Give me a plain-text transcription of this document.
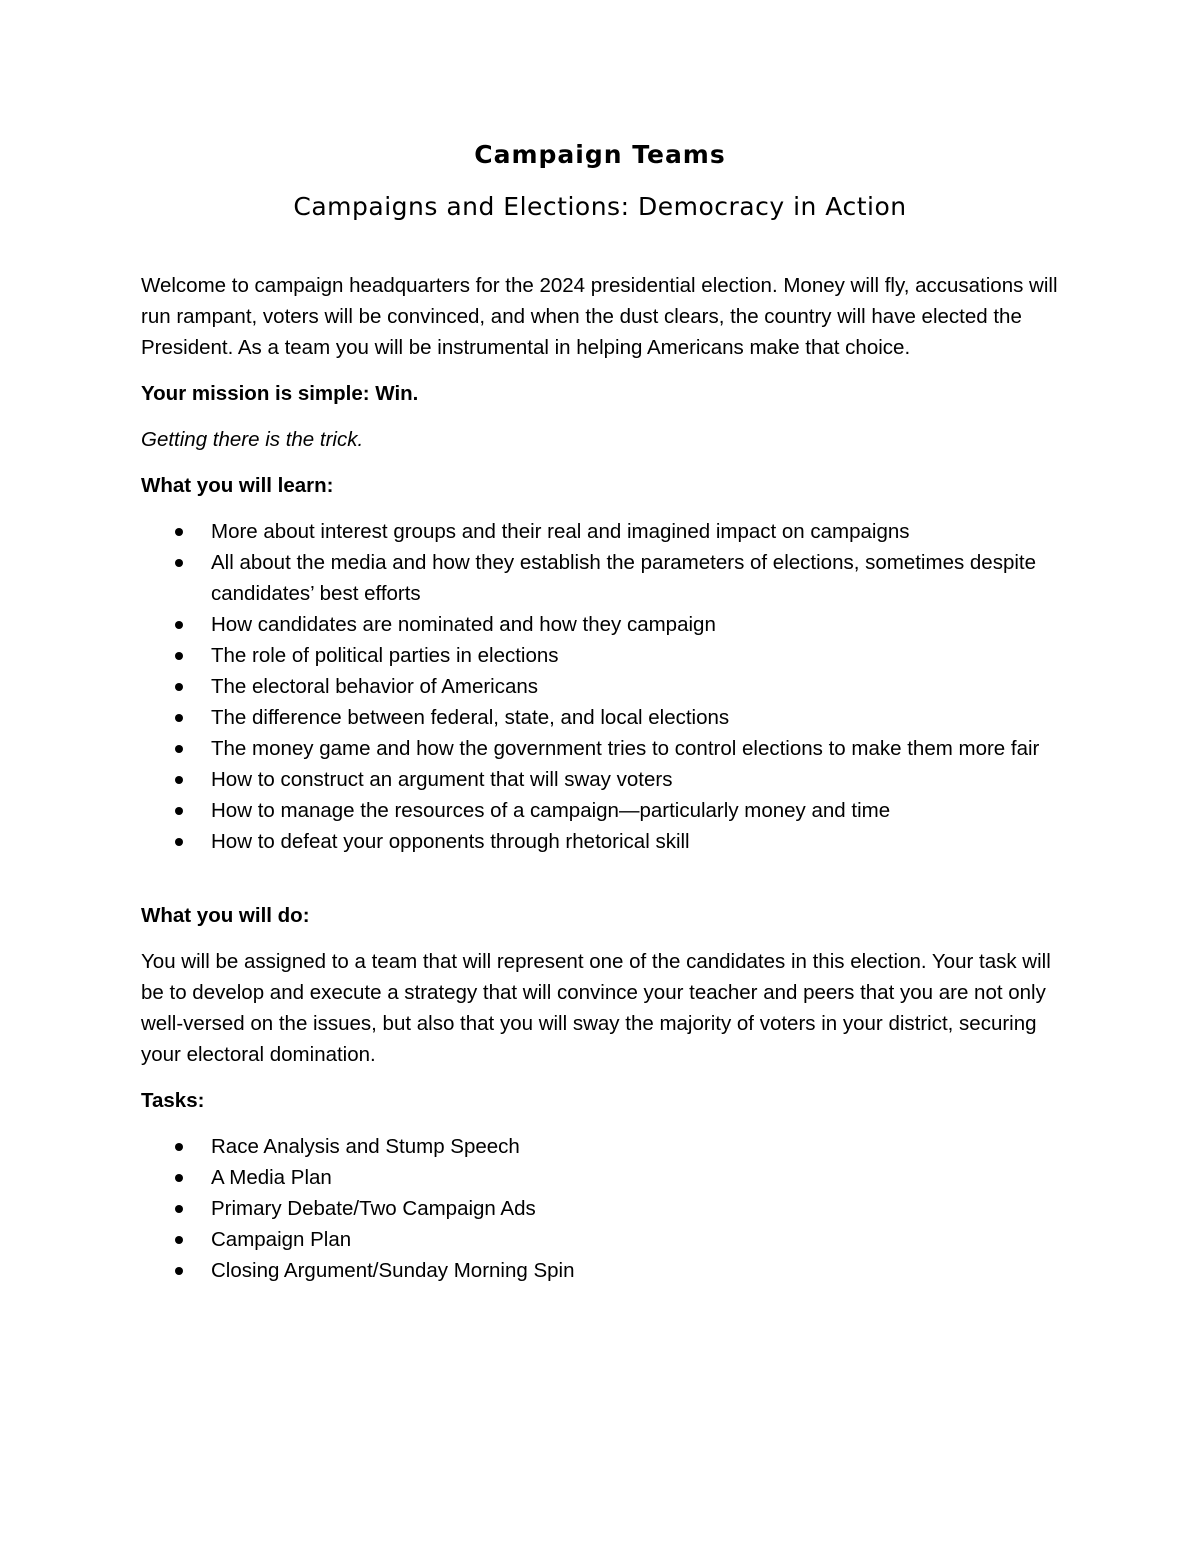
Campaign Teams
Campaigns and Elections: Democracy in Action

Welcome to campaign headquarters for the 2024 presidential election. Money will fly, accusations will run rampant, voters will be convinced, and when the dust clears, the country will have elected the President. As a team you will be instrumental in helping Americans make that choice.

Your mission is simple: Win.

Getting there is the trick.

What you will learn:

More about interest groups and their real and imagined impact on campaigns
All about the media and how they establish the parameters of elections, sometimes despite candidates’ best efforts
How candidates are nominated and how they campaign
The role of political parties in elections
The electoral behavior of Americans
The difference between federal, state, and local elections
The money game and how the government tries to control elections to make them more fair
How to construct an argument that will sway voters
How to manage the resources of a campaign—particularly money and time
How to defeat your opponents through rhetorical skill

What you will do:

You will be assigned to a team that will represent one of the candidates in this election. Your task will be to develop and execute a strategy that will convince your teacher and peers that you are not only well-versed on the issues, but also that you will sway the majority of voters in your district, securing your electoral domination.

Tasks:

Race Analysis and Stump Speech
A Media Plan
Primary Debate/Two Campaign Ads
Campaign Plan
Closing Argument/Sunday Morning Spin
